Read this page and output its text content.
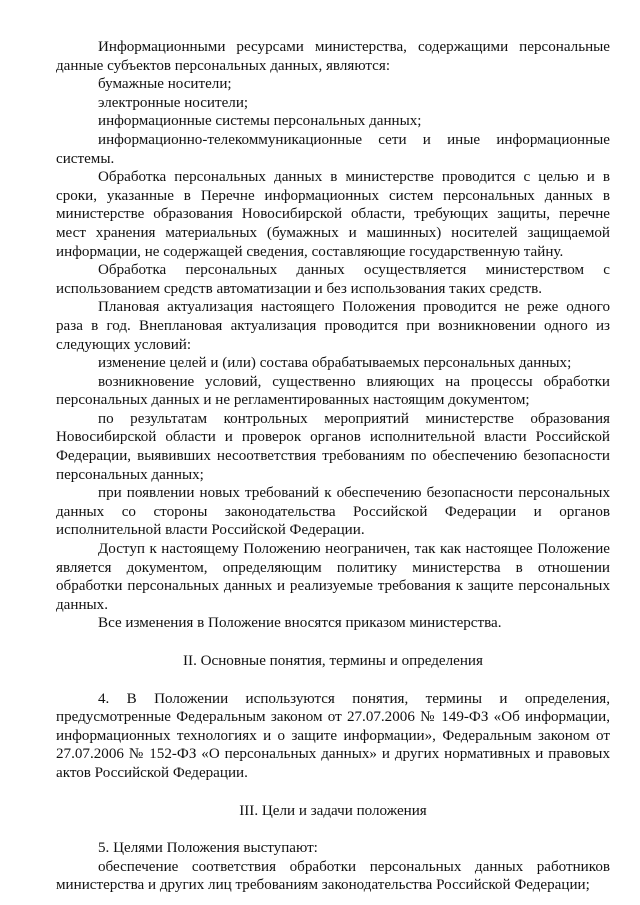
Информационными ресурсами министерства, содержащими персональные данные субъектов персональных данных, являются:

бумажные носители;

электронные носители;

информационные системы персональных данных;

информационно-телекоммуникационные сети и иные информационные системы.

Обработка персональных данных в министерстве проводится с целью и в сроки, указанные в Перечне информационных систем персональных данных в министерстве образования Новосибирской области, требующих защиты, перечне мест хранения материальных (бумажных и машинных) носителей защищаемой информации, не содержащей сведения, составляющие государственную тайну.

Обработка персональных данных осуществляется министерством с использованием средств автоматизации и без использования таких средств.

Плановая актуализация настоящего Положения проводится не реже одного раза в год. Внеплановая актуализация проводится при возникновении одного из следующих условий:

изменение целей и (или) состава обрабатываемых персональных данных;

возникновение условий, существенно влияющих на процессы обработки персональных данных и не регламентированных настоящим документом;

по результатам контрольных мероприятий министерстве образования Новосибирской области и проверок органов исполнительной власти Российской Федерации, выявивших несоответствия требованиям по обеспечению безопасности персональных данных;

при появлении новых требований к обеспечению безопасности персональных данных со стороны законодательства Российской Федерации и органов исполнительной власти Российской Федерации.

Доступ к настоящему Положению неограничен, так как настоящее Положение является документом, определяющим политику министерства в отношении обработки персональных данных и реализуемые требования к защите персональных данных.

Все изменения в Положение вносятся приказом министерства.

II. Основные понятия, термины и определения

4. В Положении используются понятия, термины и определения, предусмотренные Федеральным законом от 27.07.2006 № 149-ФЗ «Об информации, информационных технологиях и о защите информации», Федеральным законом от 27.07.2006 № 152-ФЗ «О персональных данных» и других нормативных и правовых актов Российской Федерации.

III. Цели и задачи положения

5. Целями Положения выступают:

обеспечение соответствия обработки персональных данных работников министерства и других лиц требованиям законодательства Российской Федерации;
